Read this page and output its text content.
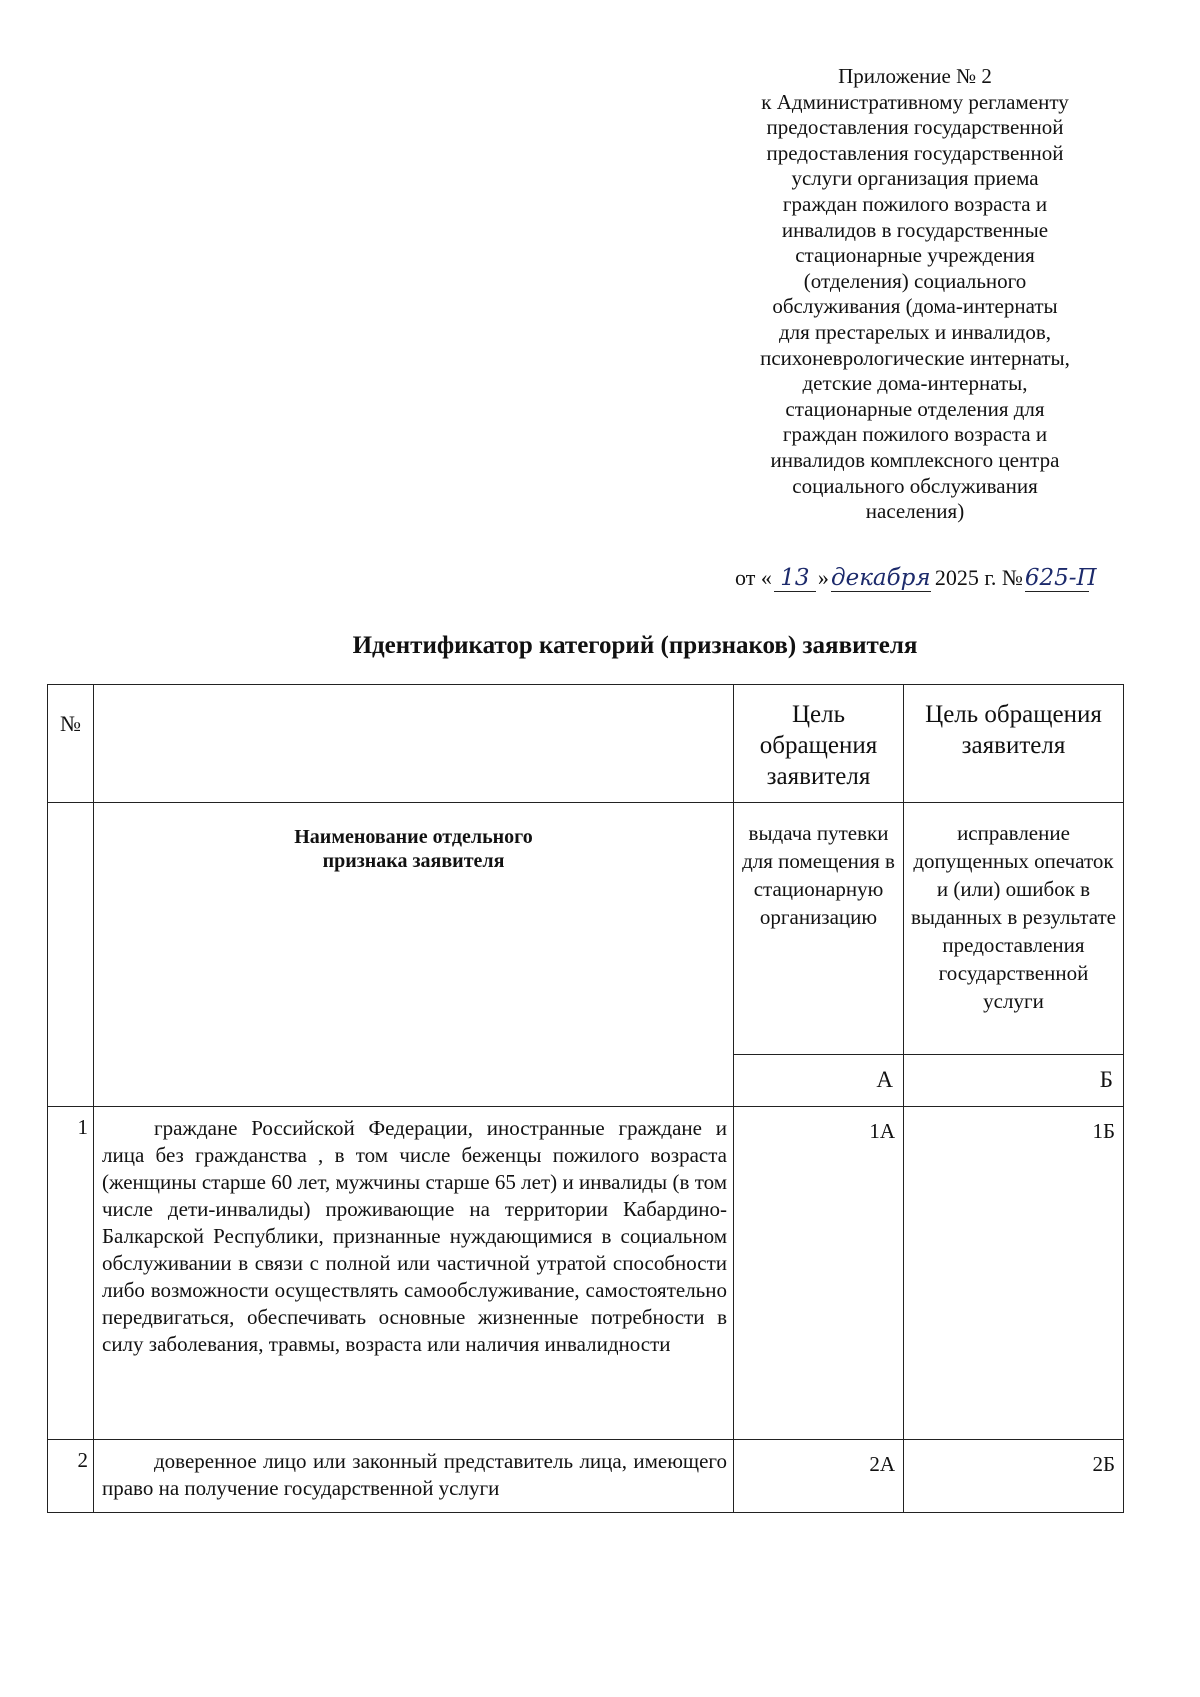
Приложение № 2
к Административному регламенту
предоставления государственной
предоставления государственной
услуги организация приема
граждан пожилого возраста и
инвалидов в государственные
стационарные учреждения
(отделения) социального
обслуживания (дома-интернаты
для престарелых и инвалидов,
психоневрологические интернаты,
детские дома-интернаты,
стационарные отделения для
граждан пожилого возраста и
инвалидов комплексного центра
социального обслуживания
населения)
от « 13 »декабря 2025 г. №625-П
Идентификатор категорий (признаков) заявителя
№		Цель обращения заявителя	Цель обращения заявителя
	Наименование отдельного признака заявителя	выдача путевки для помещения в стационарную организацию	исправление допущенных опечаток и (или) ошибок в выданных в результате предоставления государственной услуги
		А	Б
1	граждане Российской Федерации, иностранные граждане и лица без гражданства , в том числе беженцы пожилого возраста (женщины старше 60 лет, мужчины старше 65 лет) и инвалиды (в том числе дети-инвалиды) проживающие на территории Кабардино-Балкарской Республики, признанные нуждающимися в социальном обслуживании в связи с полной или частичной утратой способности либо возможности осуществлять самообслуживание, самостоятельно передвигаться, обеспечивать основные жизненные потребности в силу заболевания, травмы, возраста или наличия инвалидности	1А	1Б
2	доверенное лицо или законный представитель лица, имеющего право на получение государственной услуги	2А	2Б
